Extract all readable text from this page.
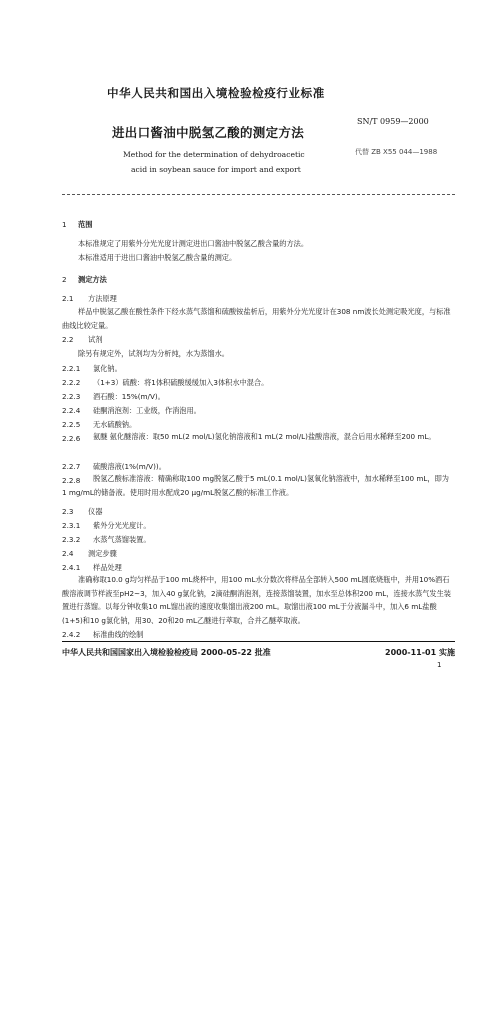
中华人民共和国出入境检验检疫行业标准
进出口酱油中脱氢乙酸的测定方法
SN/T 0959—2000
代替 ZB X55 044—1988
Method for the determination of dehydroacetic
acid in soybean sauce for import and export
1 范围
本标准规定了用紫外分光光度计测定进出口酱油中脱氢乙酸含量的方法。
本标准适用于进出口酱油中脱氢乙酸含量的测定。
2 测定方法
2.1 方法原理
样品中脱氢乙酸在酸性条件下经水蒸气蒸馏和硫酸铵盐析后，用紫外分光光度计在308 nm波长处测定吸光度，与标准曲线比较定量。
2.2 试剂
除另有规定外，试剂均为分析纯，水为蒸馏水。
2.2.1 氯化钠。
2.2.2 （1+3）硫酸：将1体积硫酸缓缓加入3体积水中混合。
2.2.3 酒石酸：15%(m/V)。
2.2.4 硅酮消泡剂：工业级，作消泡用。
2.2.5 无水硫酸钠。
2.2.6	氨醚 氨化醚溶液：取50 mL(2 mol/L)氢化钠溶液和1 mL(2 mol/L)盐酸溶液，混合后用水稀释至200 mL。
2.2.7 硫酸溶液(1%(m/V))。
2.2.8	脱氢乙酸标准溶液：精确称取100 mg脱氢乙酸于5 mL(0.1 mol/L)氢氧化钠溶液中，加水稀释至100 mL，即为1 mg/mL的储备液。使用时用水配成20 μg/mL脱氢乙酸的标准工作液。
2.3 仪器
2.3.1 紫外分光光度计。
2.3.2 水蒸气蒸馏装置。
2.4 测定步骤
2.4.1 样品处理
准确称取10.0 g均匀样品于100 mL烧杯中，用100 mL水分数次将样品全部转入500 mL圆底烧瓶中，并用10%酒石酸溶液调节样液至pH2~3，加入40 g氯化钠，2滴硅酮消泡剂，连接蒸馏装置，加水至总体积200 mL，连接水蒸气发生装置进行蒸馏。以每分钟收集10 mL馏出液的速度收集馏出液200 mL。取馏出液100 mL于分液漏斗中，加入6 mL盐酸(1+5)和10 g氯化钠，用30、20和20 mL乙醚进行萃取，合并乙醚萃取液。
2.4.2 标准曲线的绘制
中华人民共和国国家出入境检验检疫局 2000-05-22 批准	2000-11-01 实施
1
